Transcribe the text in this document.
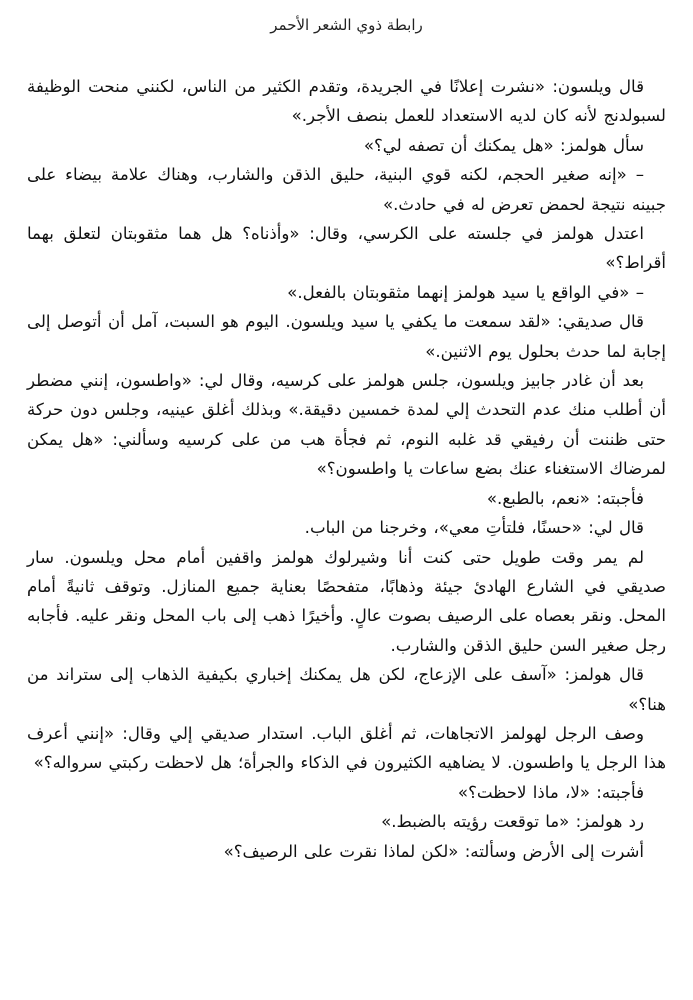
رابطة ذوي الشعر الأحمر

قال ويلسون: «نشرت إعلانًا في الجريدة، وتقدم الكثير من الناس، لكنني منحت الوظيفة لسبولدنج لأنه كان لديه الاستعداد للعمل بنصف الأجر.»

سأل هولمز: «هل يمكنك أن تصفه لي؟»

– «إنه صغير الحجم، لكنه قوي البنية، حليق الذقن والشارب، وهناك علامة بيضاء على جبينه نتيجة لحمض تعرض له في حادث.»

اعتدل هولمز في جلسته على الكرسي، وقال: «وأذناه؟ هل هما مثقوبتان لتعلق بهما أقراط؟»

– «في الواقع يا سيد هولمز إنهما مثقوبتان بالفعل.»

قال صديقي: «لقد سمعت ما يكفي يا سيد ويلسون. اليوم هو السبت، آمل أن أتوصل إلى إجابة لما حدث بحلول يوم الاثنين.»

بعد أن غادر جابيز ويلسون، جلس هولمز على كرسيه، وقال لي: «واطسون، إنني مضطر أن أطلب منك عدم التحدث إلي لمدة خمسين دقيقة.» وبذلك أغلق عينيه، وجلس دون حركة حتى ظننت أن رفيقي قد غلبه النوم، ثم فجأة هب من على كرسيه وسألني: «هل يمكن لمرضاك الاستغناء عنك بضع ساعات يا واطسون؟»

فأجبته: «نعم، بالطبع.»

قال لي: «حسنًا، فلتأتِ معي»، وخرجنا من الباب.

لم يمر وقت طويل حتى كنت أنا وشيرلوك هولمز واقفين أمام محل ويلسون. سار صديقي في الشارع الهادئ جيئة وذهابًا، متفحصًا بعناية جميع المنازل. وتوقف ثانيةً أمام المحل. ونقر بعصاه على الرصيف بصوت عالٍ. وأخيرًا ذهب إلى باب المحل ونقر عليه. فأجابه رجل صغير السن حليق الذقن والشارب.

قال هولمز: «آسف على الإزعاج، لكن هل يمكنك إخباري بكيفية الذهاب إلى ستراند من هنا؟»

وصف الرجل لهولمز الاتجاهات، ثم أغلق الباب. استدار صديقي إلي وقال: «إنني أعرف هذا الرجل يا واطسون. لا يضاهيه الكثيرون في الذكاء والجرأة؛ هل لاحظت ركبتي سرواله؟»

فأجبته: «لا، ماذا لاحظت؟»

رد هولمز: «ما توقعت رؤيته بالضبط.»

أشرت إلى الأرض وسألته: «لكن لماذا نقرت على الرصيف؟»
